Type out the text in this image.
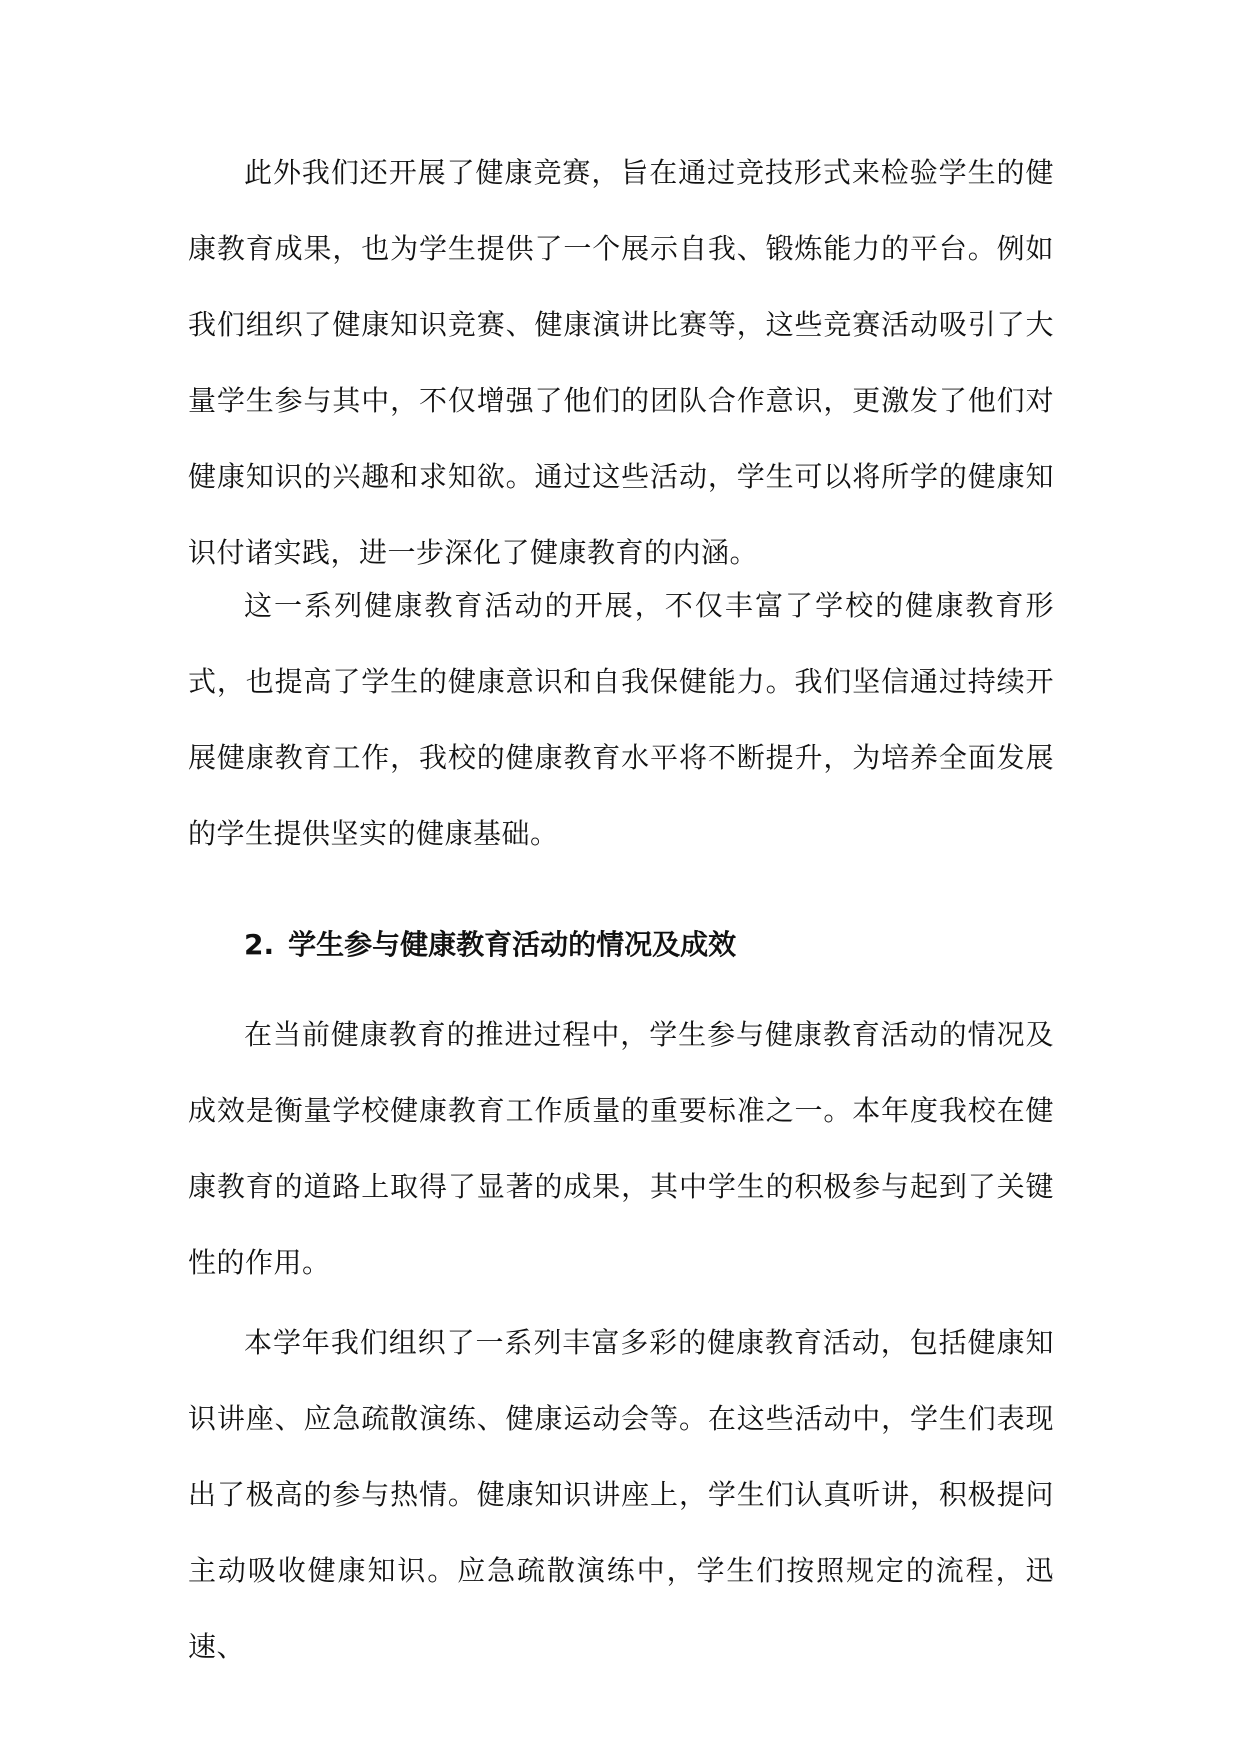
此外我们还开展了健康竞赛，旨在通过竞技形式来检验学生的健康教育成果，也为学生提供了一个展示自我、锻炼能力的平台。例如我们组织了健康知识竞赛、健康演讲比赛等，这些竞赛活动吸引了大量学生参与其中，不仅增强了他们的团队合作意识，更激发了他们对健康知识的兴趣和求知欲。通过这些活动，学生可以将所学的健康知识付诸实践，进一步深化了健康教育的内涵。

这一系列健康教育活动的开展，不仅丰富了学校的健康教育形式，也提高了学生的健康意识和自我保健能力。我们坚信通过持续开展健康教育工作，我校的健康教育水平将不断提升，为培养全面发展的学生提供坚实的健康基础。

2. 学生参与健康教育活动的情况及成效

在当前健康教育的推进过程中，学生参与健康教育活动的情况及成效是衡量学校健康教育工作质量的重要标准之一。本年度我校在健康教育的道路上取得了显著的成果，其中学生的积极参与起到了关键性的作用。

本学年我们组织了一系列丰富多彩的健康教育活动，包括健康知识讲座、应急疏散演练、健康运动会等。在这些活动中，学生们表现出了极高的参与热情。健康知识讲座上，学生们认真听讲，积极提问主动吸收健康知识。应急疏散演练中，学生们按照规定的流程，迅速、
